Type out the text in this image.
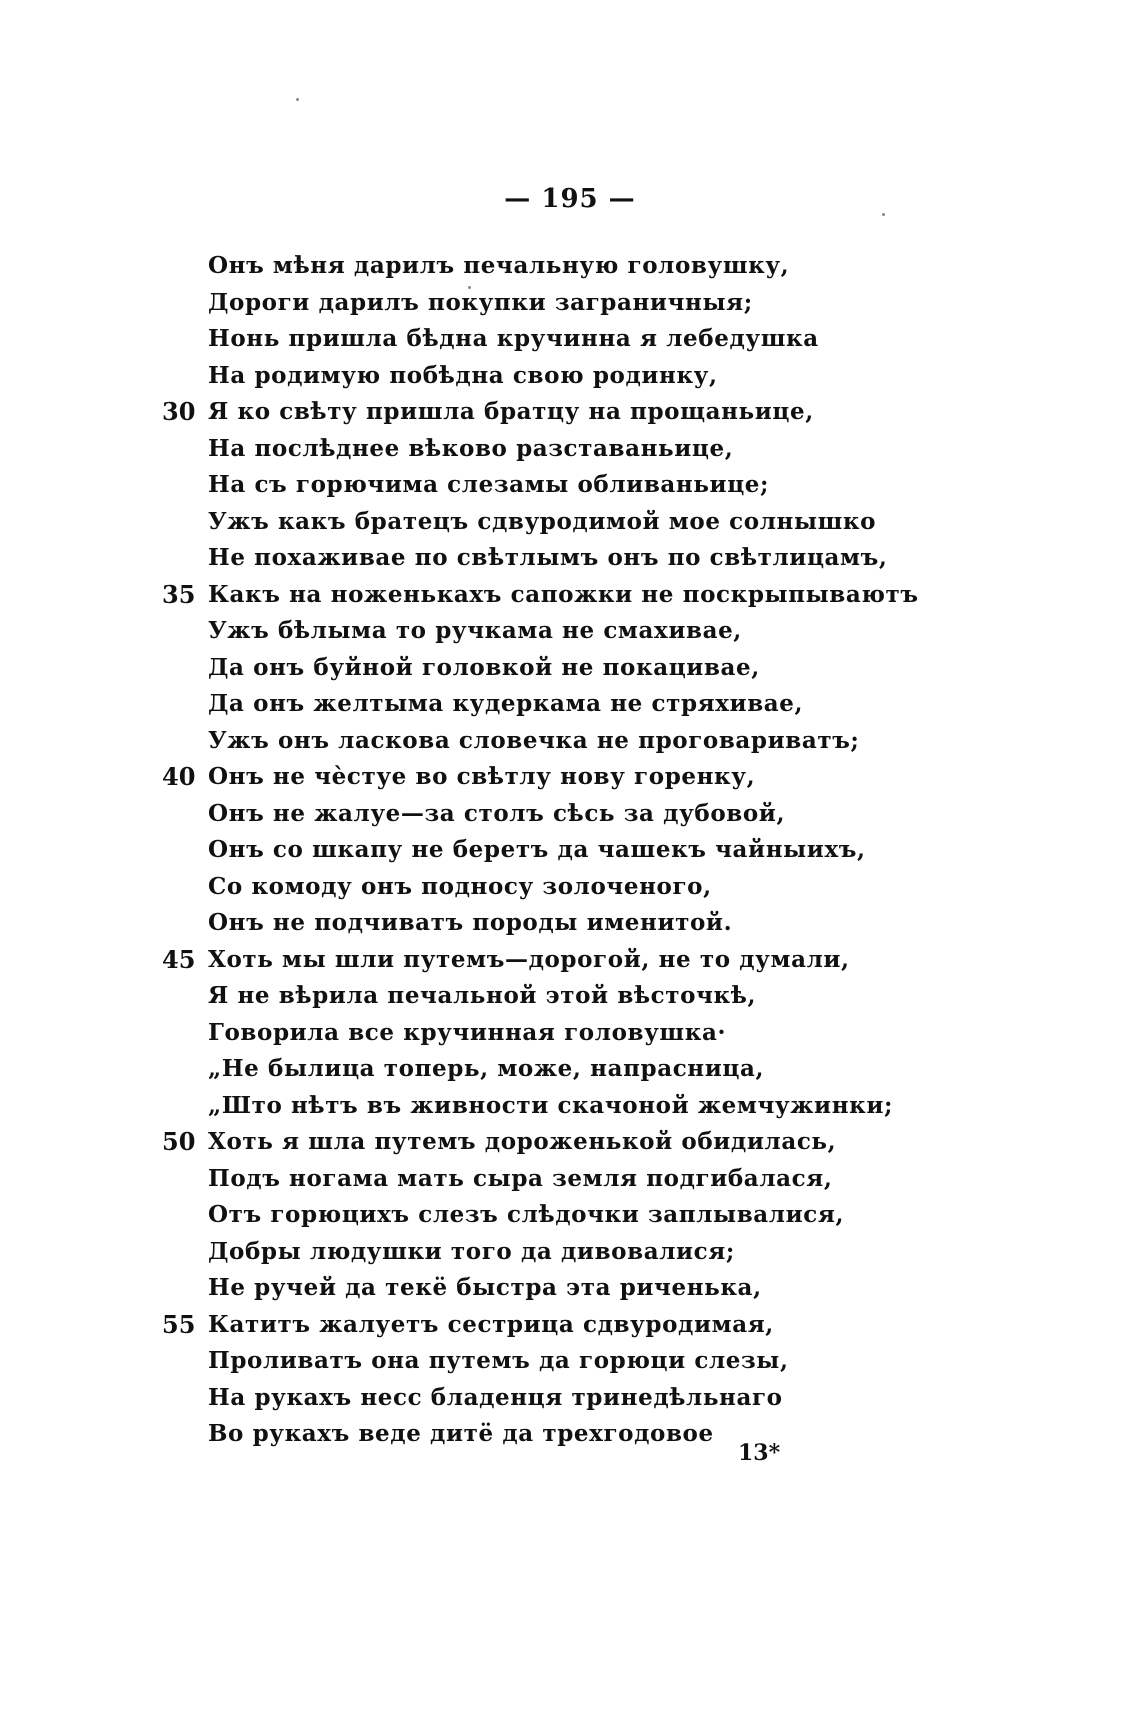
— 195 —
Онъ мѣня дарилъ печальную головушку,
Дороги дарилъ покупки заграничныя;
Нонь пришла бѣдна кручинна я лебедушка
На родимую побѣдна свою родинку,
30 Я ко свѣту пришла братцу на прощаньице,
На послѣднее вѣково разставаньице,
На съ горючима слезамы обливаньице;
Ужъ какъ братецъ сдвуродимой мое солнышко
Не похаживае по свѣтлымъ онъ по свѣтлицамъ,
35 Какъ на ноженькахъ сапожки не поскрыпываютъ
Ужъ бѣлыма то ручкама не смахивае,
Да онъ буйной головкой не покацивае,
Да онъ желтыма кудеркама не стряхивае,
Ужъ онъ ласкова словечка не проговариватъ;
40 Онъ не чѐстуе во свѣтлу нову горенку,
Онъ не жалуе—за столъ сѣсь за дубовой,
Онъ со шкапу не беретъ да чашекъ чайныихъ,
Со комоду онъ подносу золоченого,
Онъ не подчиватъ породы именитой.
45 Хоть мы шли путемъ—дорогой, не то думали,
Я не вѣрила печальной этой вѣсточкѣ,
Говорила все кручинная головушка·
„Не былица топерь, може, напрасница,
„Што нѣтъ въ живности скачоной жемчужинки;
50 Хоть я шла путемъ дороженькой обидилась,
Подъ ногама мать сыра земля подгибалася,
Отъ горюцихъ слезъ слѣдочки заплывалися,
Добры людушки того да дивовалися;
Не ручей да текё быстра эта риченька,
55 Катитъ жалуетъ сестрица сдвуродимая,
Проливатъ она путемъ да горюци слезы,
На рукахъ несс бладенця тринедѣльнаго
Во рукахъ веде дитё да трехгодовое
13*
